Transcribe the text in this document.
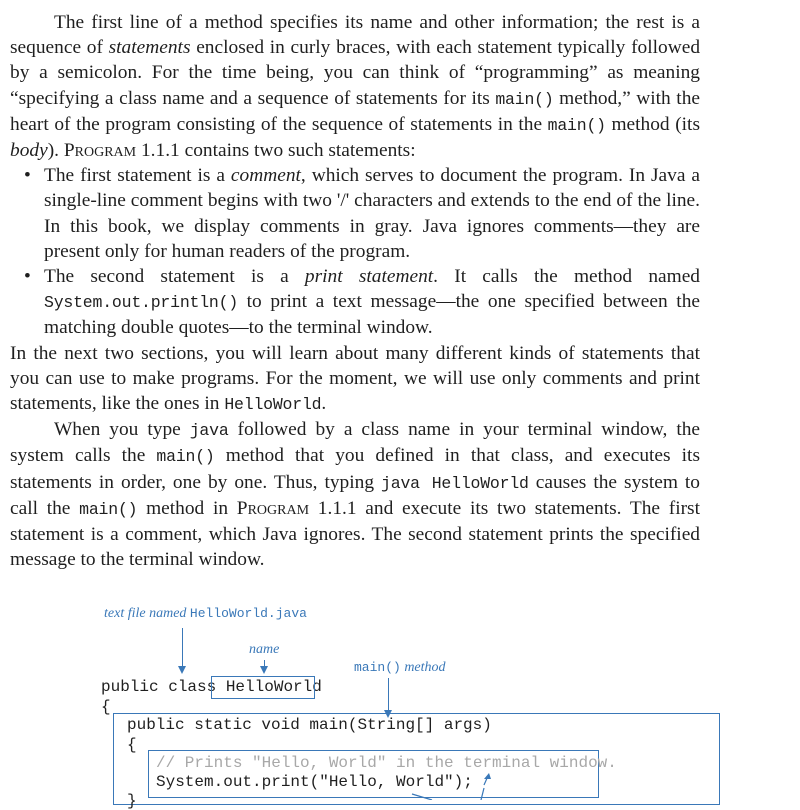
The first line of a method specifies its name and other information; the rest is a sequence of statements enclosed in curly braces, with each statement typically followed by a semicolon. For the time being, you can think of “programming” as meaning “specifying a class name and a sequence of statements for its main() method,” with the heart of the program consisting of the sequence of statements in the main() method (its body). Program 1.1.1 contains two such statements:

• The first statement is a comment, which serves to document the program. In Java a single-line comment begins with two '/' characters and extends to the end of the line. In this book, we display comments in gray. Java ignores comments—they are present only for human readers of the program.
• The second statement is a print statement. It calls the method named System.out.println() to print a text message—the one specified between the matching double quotes—to the terminal window.

In the next two sections, you will learn about many different kinds of statements that you can use to make programs. For the moment, we will use only comments and print statements, like the ones in HelloWorld.

When you type java followed by a class name in your terminal window, the system calls the main() method that you defined in that class, and executes its statements in order, one by one. Thus, typing java HelloWorld causes the system to call the main() method in Program 1.1.1 and execute its two statements. The first statement is a comment, which Java ignores. The second statement prints the specified message to the terminal window.

text file named HelloWorld.java
name
main() method
public class HelloWorld
{
public static void main(String[] args)
{
// Prints "Hello, World" in the terminal window.
System.out.print("Hello, World");
}
